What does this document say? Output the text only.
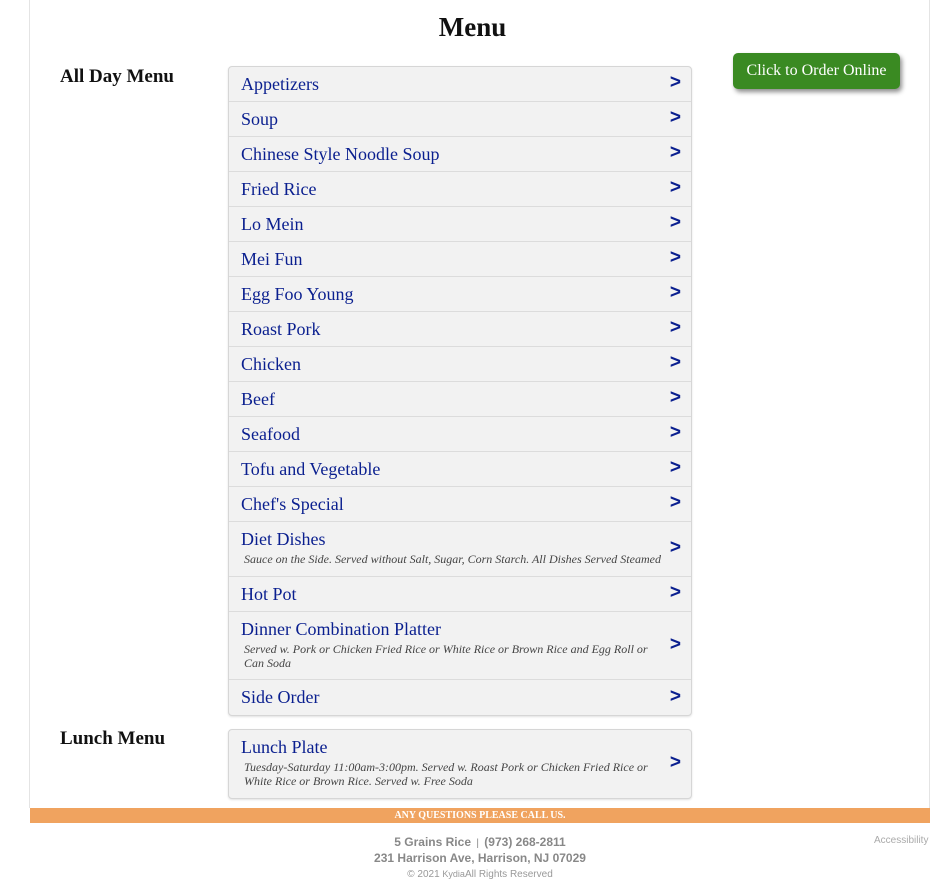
Menu
Click to Order Online
All Day Menu	Appetizers	>
Soup	>
Chinese Style Noodle Soup	>
Fried Rice	>
Lo Mein	>
Mei Fun	>
Egg Foo Young	>
Roast Pork	>
Chicken	>
Beef	>
Seafood	>
Tofu and Vegetable	>
Chef's Special	>
Diet Dishes
Sauce on the Side. Served without Salt, Sugar, Corn Starch. All Dishes Served Steamed
>
Hot Pot	>
Dinner Combination Platter
Served w. Pork or Chicken Fried Rice or White Rice or Brown Rice and Egg Roll or Can Soda
>
Side Order	>
Lunch Menu	Lunch Plate
Tuesday-Saturday 11:00am-3:00pm. Served w. Roast Pork or Chicken Fried Rice or White Rice or Brown Rice. Served w. Free Soda
>
ANY QUESTIONS PLEASE CALL US.
5 Grains Rice | (973) 268-2811
231 Harrison Ave, Harrison, NJ 07029
© 2021 KydiaAll Rights Reserved
Accessibility
